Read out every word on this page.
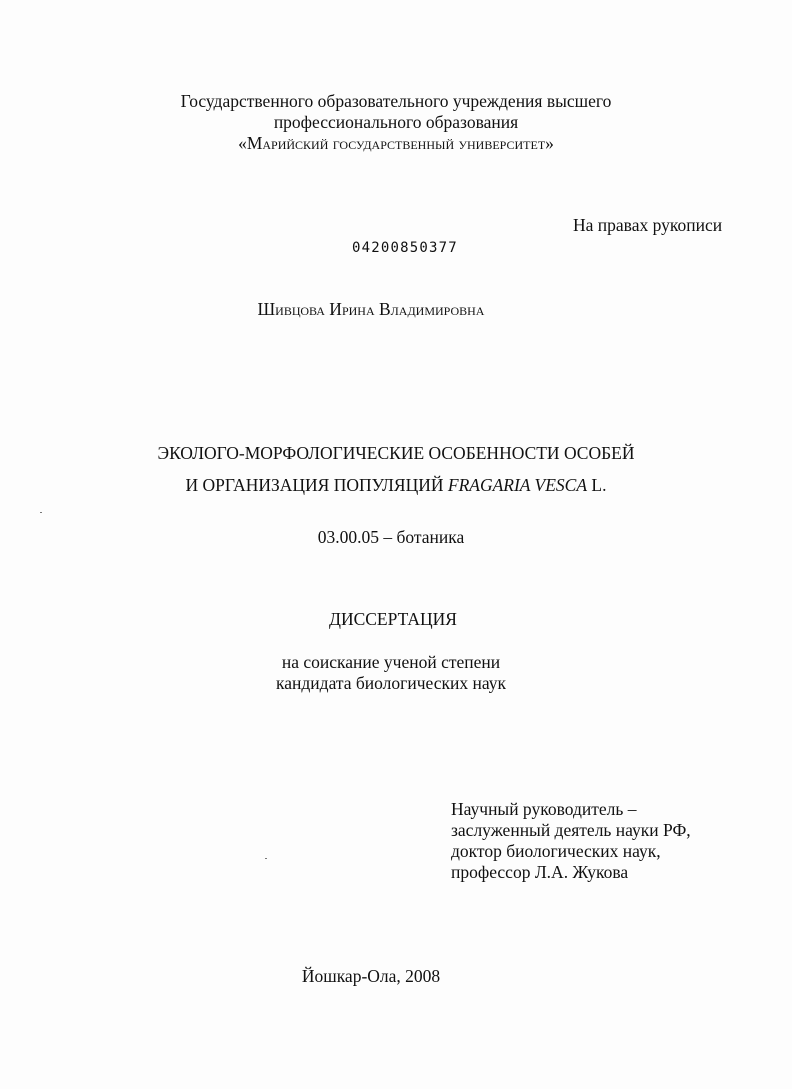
Государственного образовательного учреждения высшего
профессионального образования
«Марийский государственный университет»
На правах рукописи
04200850377
Шивцова Ирина Владимировна
ЭКОЛОГО-МОРФОЛОГИЧЕСКИЕ ОСОБЕННОСТИ ОСОБЕЙ
И ОРГАНИЗАЦИЯ ПОПУЛЯЦИЙ FRAGARIA VESCA L.
03.00.05 – ботаника
ДИССЕРТАЦИЯ
на соискание ученой степени
кандидата биологических наук
Научный руководитель –
заслуженный деятель науки РФ,
доктор биологических наук,
профессор Л.А. Жукова
Йошкар-Ола, 2008
